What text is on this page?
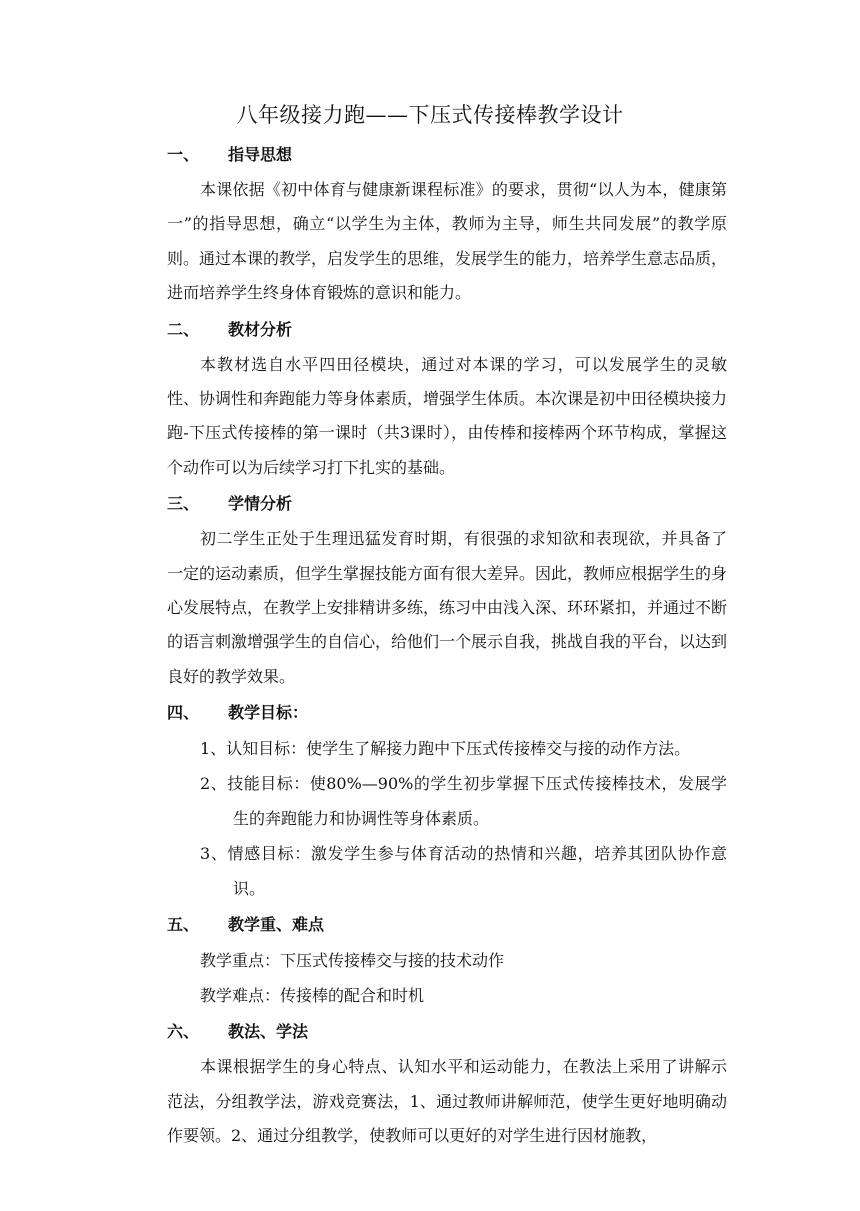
八年级接力跑——下压式传接棒教学设计
一、 指导思想

本课依据《初中体育与健康新课程标准》的要求，贯彻“以人为本，健康第一”的指导思想，确立“以学生为主体，教师为主导，师生共同发展”的教学原则。通过本课的教学，启发学生的思维，发展学生的能力，培养学生意志品质，进而培养学生终身体育锻炼的意识和能力。

二、 教材分析

本教材选自水平四田径模块，通过对本课的学习，可以发展学生的灵敏性、协调性和奔跑能力等身体素质，增强学生体质。本次课是初中田径模块接力跑-下压式传接棒的第一课时（共3课时），由传棒和接棒两个环节构成，掌握这个动作可以为后续学习打下扎实的基础。

三、 学情分析

初二学生正处于生理迅猛发育时期，有很强的求知欲和表现欲，并具备了一定的运动素质，但学生掌握技能方面有很大差异。因此，教师应根据学生的身心发展特点，在教学上安排精讲多练，练习中由浅入深、环环紧扣，并通过不断的语言刺激增强学生的自信心，给他们一个展示自我，挑战自我的平台，以达到良好的教学效果。

四、 教学目标：

1、认知目标：使学生了解接力跑中下压式传接棒交与接的动作方法。

2、技能目标：使80%—90%的学生初步掌握下压式传接棒技术，发展学生的奔跑能力和协调性等身体素质。

3、情感目标：激发学生参与体育活动的热情和兴趣，培养其团队协作意识。

五、 教学重、难点

教学重点：下压式传接棒交与接的技术动作

教学难点：传接棒的配合和时机

六、 教法、学法

本课根据学生的身心特点、认知水平和运动能力，在教法上采用了讲解示范法，分组教学法，游戏竞赛法，1、通过教师讲解师范，使学生更好地明确动作要领。2、通过分组教学，使教师可以更好的对学生进行因材施教，
